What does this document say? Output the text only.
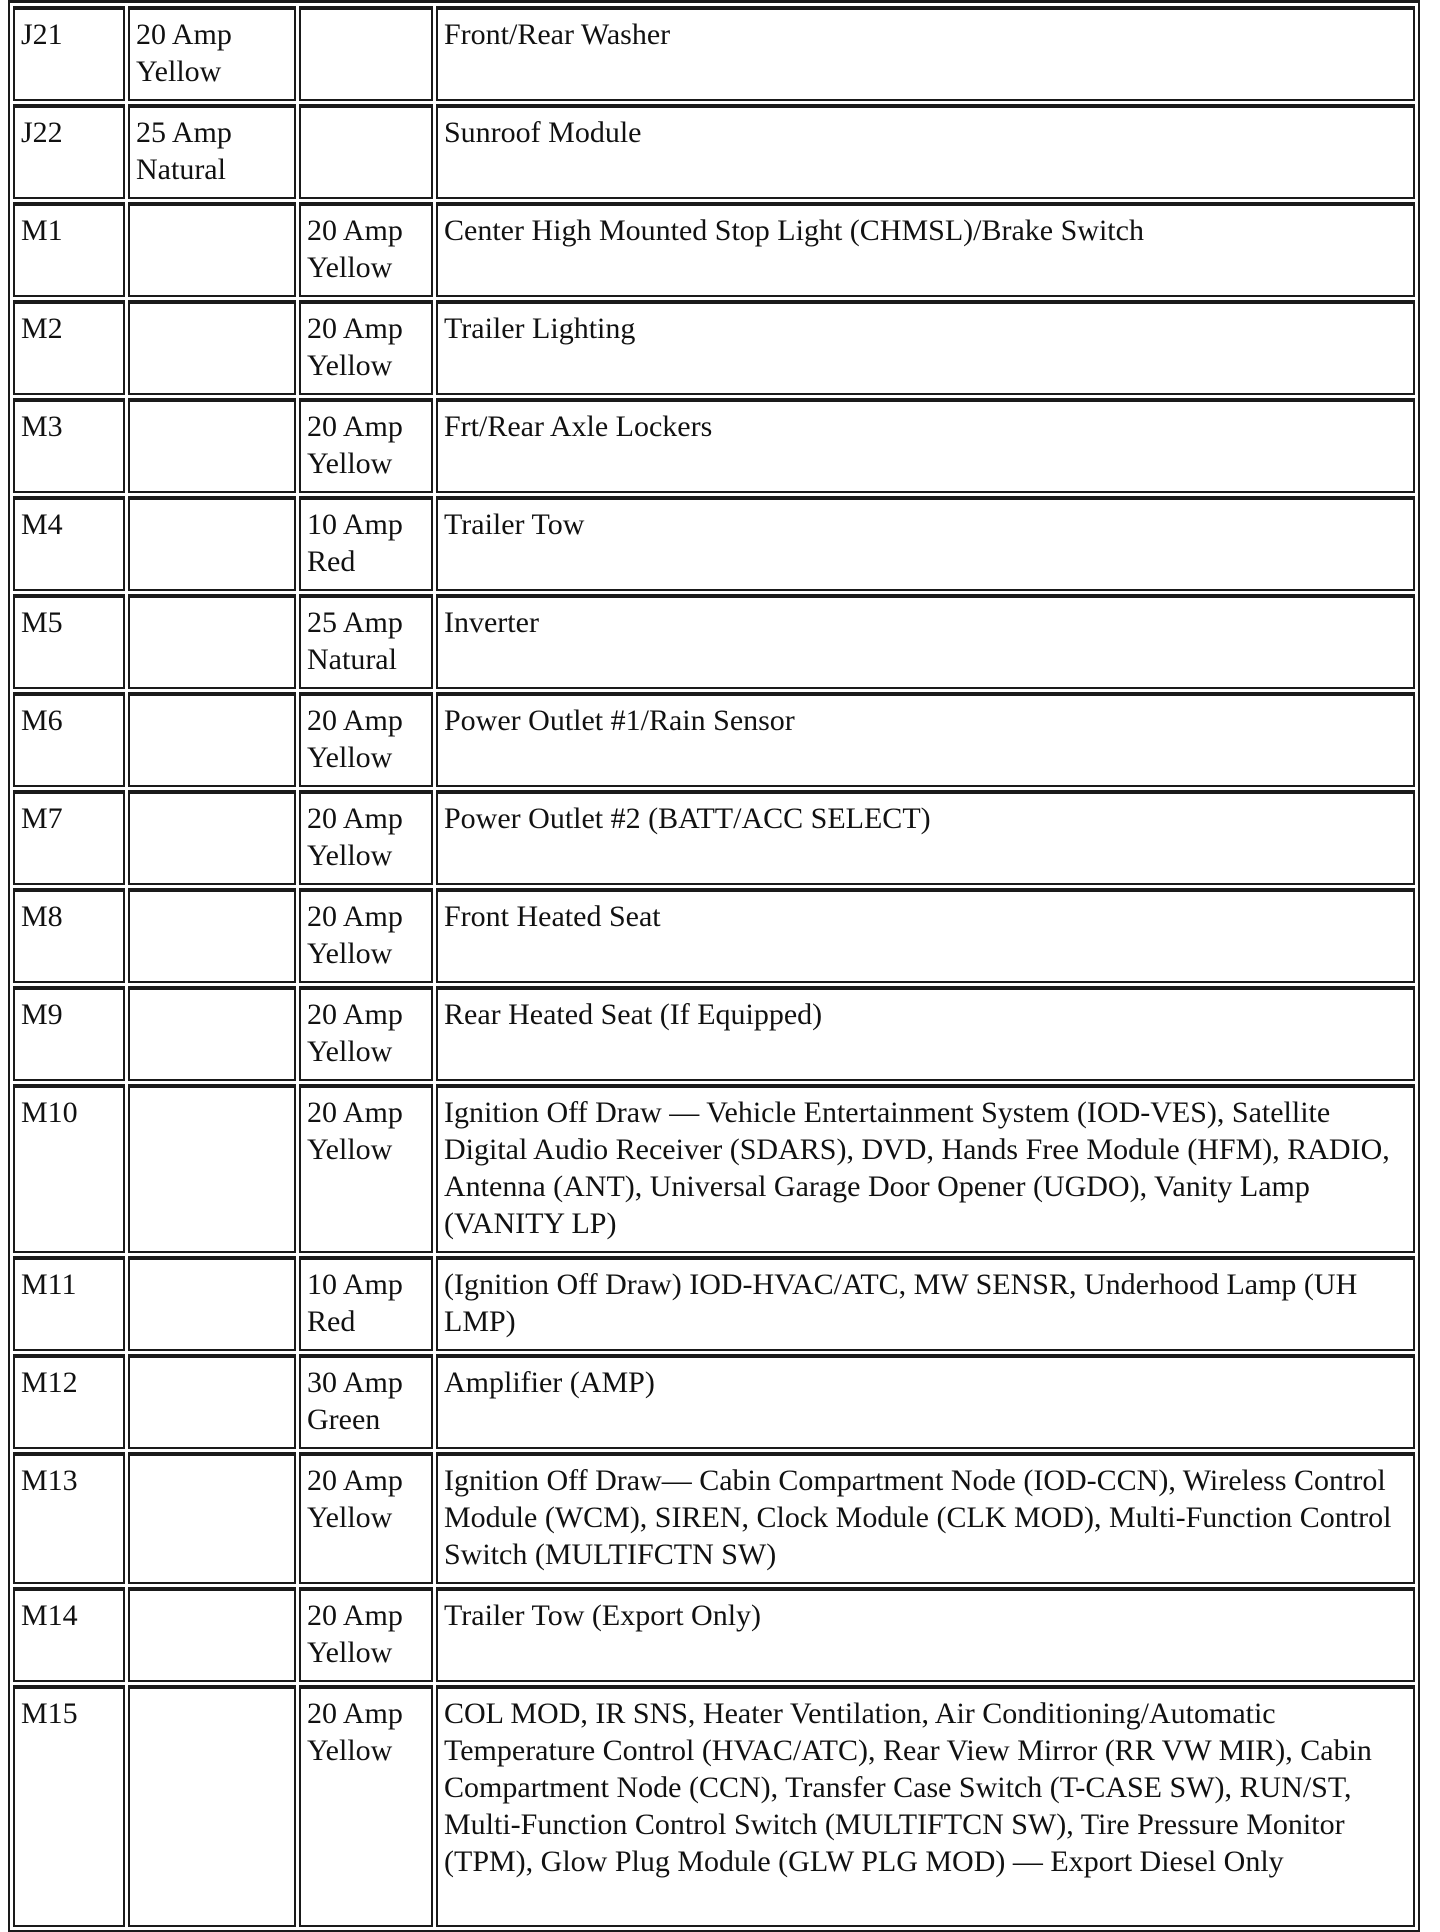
J21	20 Amp
Yellow		Front/Rear Washer

J22	25 Amp
Natural		Sunroof Module

M1		20 Amp
Yellow	Center High Mounted Stop Light (CHMSL)/Brake Switch

M2		20 Amp
Yellow	Trailer Lighting

M3		20 Amp
Yellow	Frt/Rear Axle Lockers

M4		10 Amp
Red	Trailer Tow

M5		25 Amp
Natural	Inverter

M6		20 Amp
Yellow	Power Outlet #1/Rain Sensor

M7		20 Amp
Yellow	Power Outlet #2 (BATT/ACC SELECT)

M8		20 Amp
Yellow	Front Heated Seat

M9		20 Amp
Yellow	Rear Heated Seat (If Equipped)

M10		20 Amp
Yellow	Ignition Off Draw — Vehicle Entertainment System (IOD-VES), Satellite Digital Audio Receiver (SDARS), DVD, Hands Free Module (HFM), RADIO, Antenna (ANT), Universal Garage Door Opener (UGDO), Vanity Lamp (VANITY LP)

M11		10 Amp
Red	(Ignition Off Draw) IOD-HVAC/ATC, MW SENSR, Underhood Lamp (UH LMP)

M12		30 Amp
Green	Amplifier (AMP)

M13		20 Amp
Yellow	Ignition Off Draw— Cabin Compartment Node (IOD-CCN), Wireless Control Module (WCM), SIREN, Clock Module (CLK MOD), Multi-Function Control Switch (MULTIFCTN SW)

M14		20 Amp
Yellow	Trailer Tow (Export Only)

M15		20 Amp
Yellow	COL MOD, IR SNS, Heater Ventilation, Air Conditioning/Automatic Temperature Control (HVAC/ATC), Rear View Mirror (RR VW MIR), Cabin Compartment Node (CCN), Transfer Case Switch (T-CASE SW), RUN/ST, Multi-Function Control Switch (MULTIFTCN SW), Tire Pressure Monitor (TPM), Glow Plug Module (GLW PLG MOD) — Export Diesel Only
